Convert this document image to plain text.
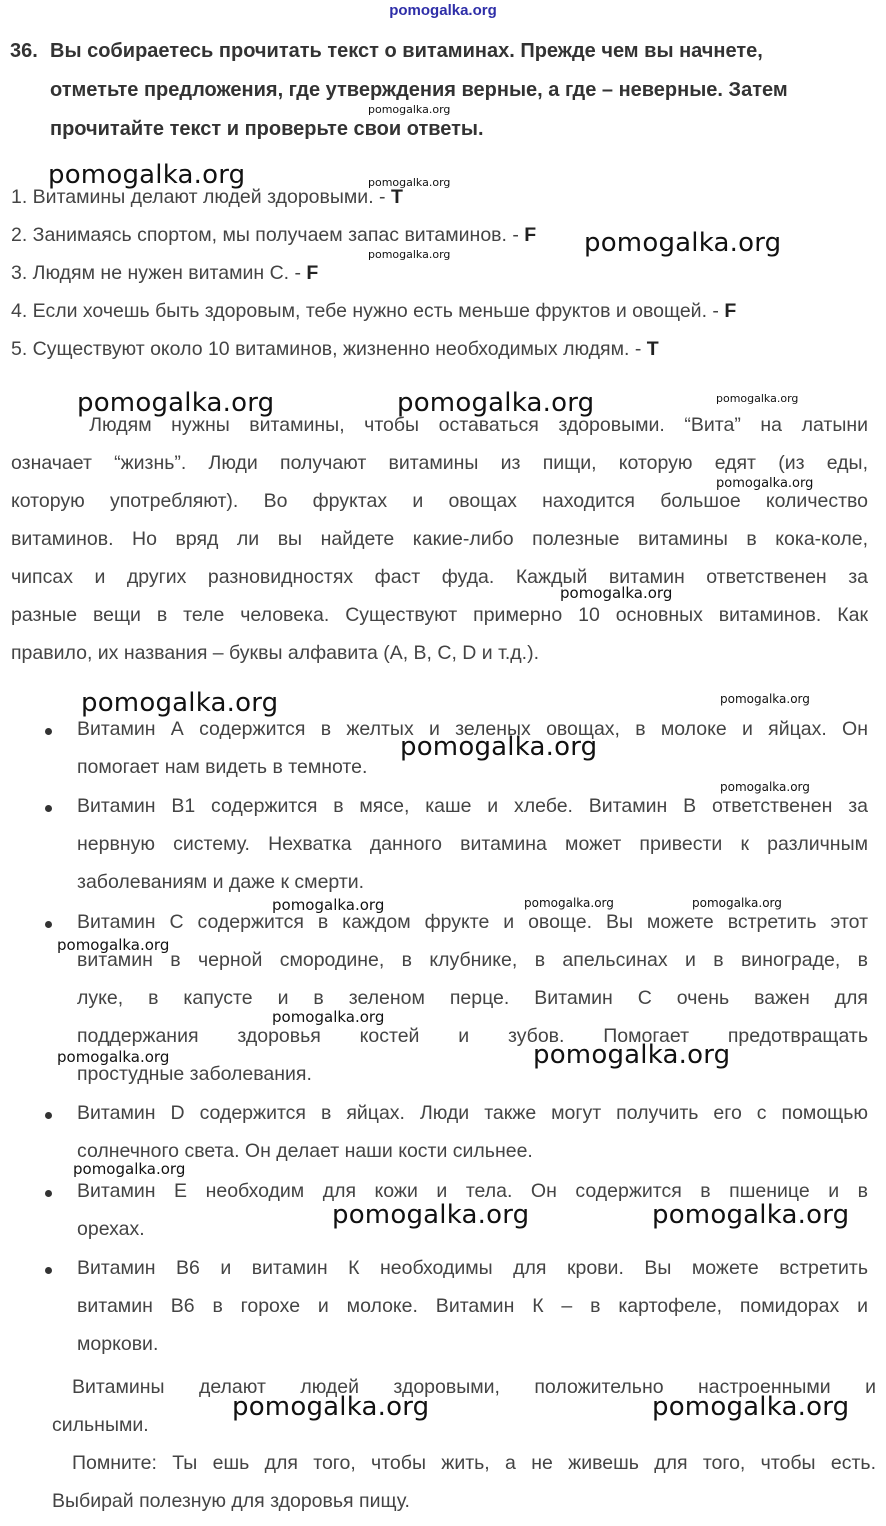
pomogalka.org
36. Вы собираетесь прочитать текст о витаминах. Прежде чем вы начнете,
отметьте предложения, где утверждения верные, а где – неверные. Затем
прочитайте текст и проверьте свои ответы.
1. Витамины делают людей здоровыми. - T
2. Занимаясь спортом, мы получаем запас витаминов. - F
3. Людям не нужен витамин С. - F
4. Если хочешь быть здоровым, тебе нужно есть меньше фруктов и овощей. - F
5. Существуют около 10 витаминов, жизненно необходимых людям. - T
Людям нужны витамины, чтобы оставаться здоровыми. “Вита” на латыни
означает “жизнь”. Люди получают витамины из пищи, которую едят (из еды,
которую употребляют). Во фруктах и овощах находится большое количество
витаминов. Но вряд ли вы найдете какие-либо полезные витамины в кока-коле,
чипсах и других разновидностях фаст фуда. Каждый витамин ответственен за
разные вещи в теле человека. Существуют примерно 10 основных витаминов. Как
правило, их названия – буквы алфавита (A, B, C, D и т.д.).
Витамин А содержится в желтых и зеленых овощах, в молоке и яйцах. Он
помогает нам видеть в темноте.
Витамин B1 содержится в мясе, каше и хлебе. Витамин В ответственен за
нервную систему. Нехватка данного витамина может привести к различным
заболеваниям и даже к смерти.
Витамин С содержится в каждом фрукте и овоще. Вы можете встретить этот
витамин в черной смородине, в клубнике, в апельсинах и в винограде, в
луке, в капусте и в зеленом перце. Витамин С очень важен для
поддержания здоровья костей и зубов. Помогает предотвращать
простудные заболевания.
Витамин D содержится в яйцах. Люди также могут получить его с помощью
солнечного света. Он делает наши кости сильнее.
Витамин Е необходим для кожи и тела. Он содержится в пшенице и в
орехах.
Витамин В6 и витамин К необходимы для крови. Вы можете встретить
витамин В6 в горохе и молоке. Витамин К – в картофеле, помидорах и
моркови.
Витамины делают людей здоровыми, положительно настроенными и
сильными.
Помните: Ты ешь для того, чтобы жить, а не живешь для того, чтобы есть.
Выбирай полезную для здоровья пищу.
pomogalka.org
pomogalka.org
pomogalka.org	pomogalka.org
pomogalka.org
pomogalka.org
pomogalka.org
pomogalka.org	pomogalka.org
pomogalka.org	pomogalka.org
pomogalka.org
pomogalka.org
pomogalka.org
pomogalka.org
pomogalka.org
pomogalka.org
pomogalka.org
pomogalka.org
pomogalka.org	pomogalka.org	pomogalka.org
pomogalka.org
pomogalka.org
pomogalka.org
pomogalka.org
